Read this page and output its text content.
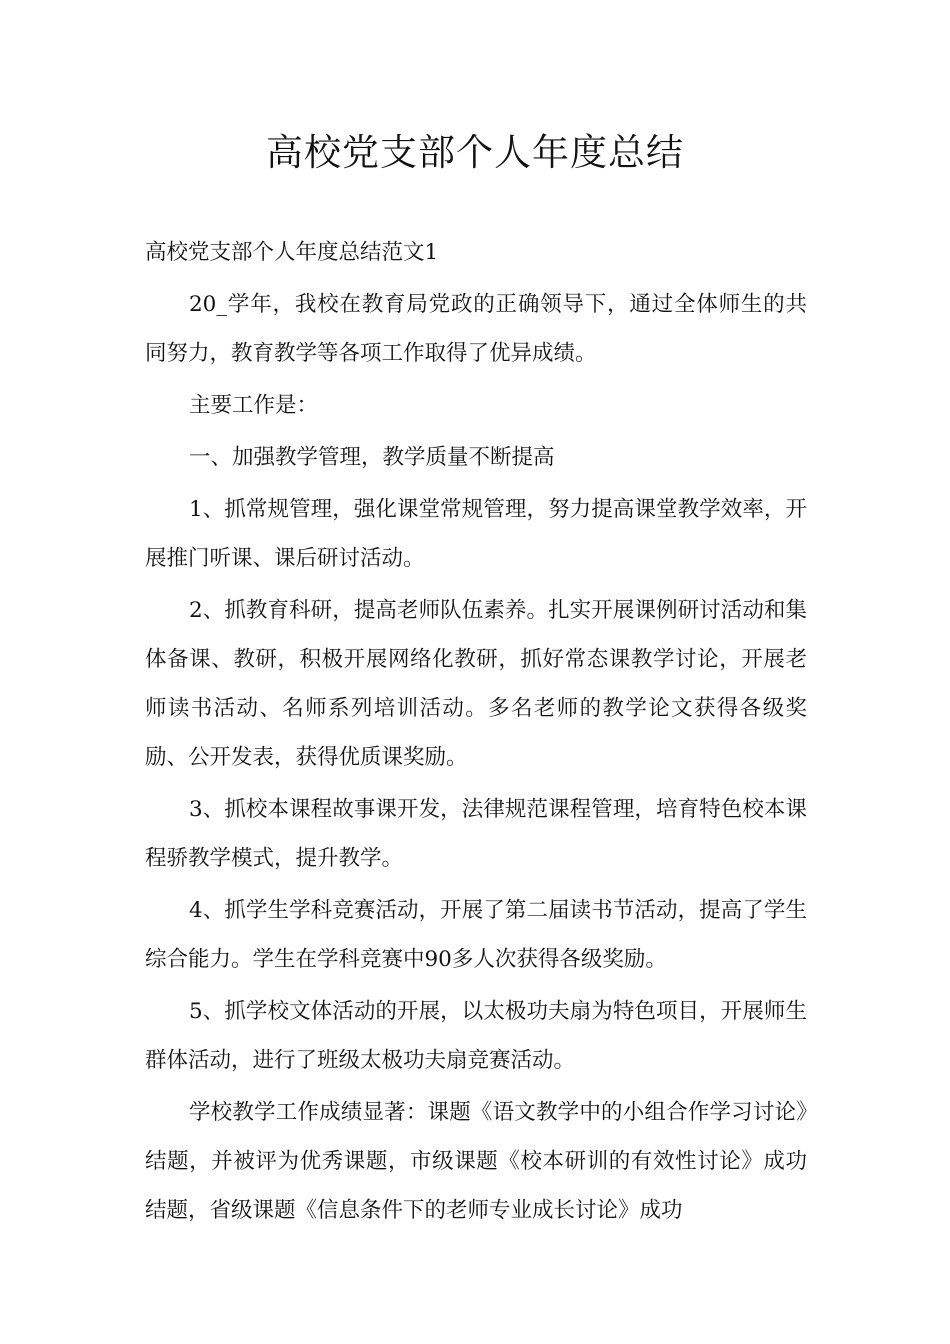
高校党支部个人年度总结

高校党支部个人年度总结范文1

20_学年，我校在教育局党政的正确领导下，通过全体师生的共同努力，教育教学等各项工作取得了优异成绩。

主要工作是：

一、加强教学管理，教学质量不断提高

1、抓常规管理，强化课堂常规管理，努力提高课堂教学效率，开展推门听课、课后研讨活动。

2、抓教育科研，提高老师队伍素养。扎实开展课例研讨活动和集体备课、教研，积极开展网络化教研，抓好常态课教学讨论，开展老师读书活动、名师系列培训活动。多名老师的教学论文获得各级奖励、公开发表，获得优质课奖励。

3、抓校本课程故事课开发，法律规范课程管理，培育特色校本课程骄教学模式，提升教学。

4、抓学生学科竞赛活动，开展了第二届读书节活动，提高了学生综合能力。学生在学科竞赛中90多人次获得各级奖励。

5、抓学校文体活动的开展，以太极功夫扇为特色项目，开展师生群体活动，进行了班级太极功夫扇竞赛活动。

学校教学工作成绩显著：课题《语文教学中的小组合作学习讨论》结题，并被评为优秀课题，市级课题《校本研训的有效性讨论》成功结题，省级课题《信息条件下的老师专业成长讨论》成功
